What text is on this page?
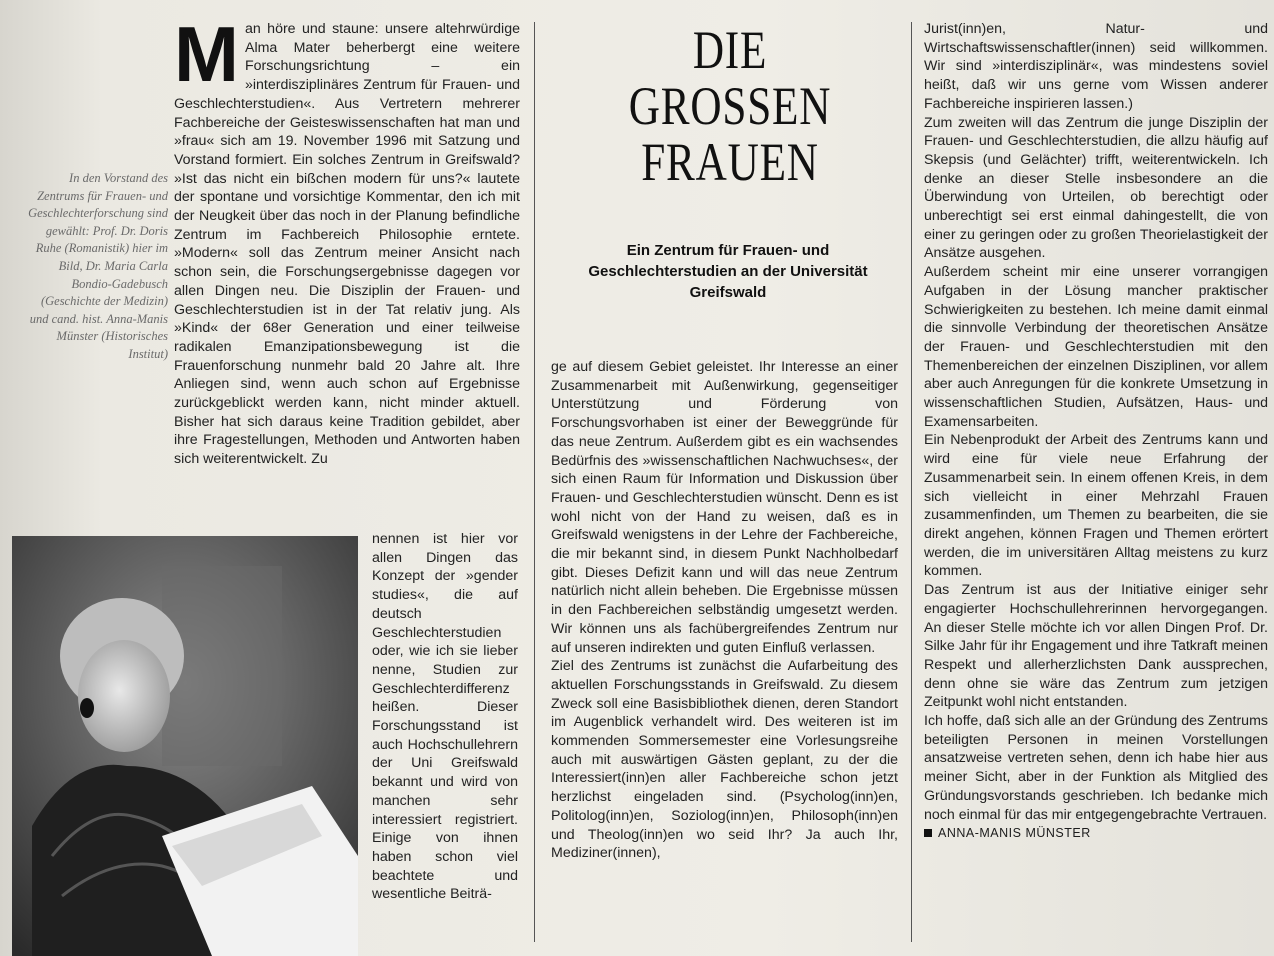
In den Vorstand des Zentrums für Frauen- und Geschlechterforschung sind gewählt: Prof. Dr. Doris Ruhe (Romanistik) hier im Bild, Dr. Maria Carla Bondio-Gadebusch (Geschichte der Medizin) und cand. hist. Anna-Manis Münster (Historisches Institut)

Man höre und staune: unsere altehrwürdige Alma Mater beherbergt eine weitere Forschungsrichtung – ein »interdisziplinäres Zentrum für Frauen- und Geschlechterstudien«. Aus Vertretern mehrerer Fachbereiche der Geisteswissenschaften hat man und »frau« sich am 19. November 1996 mit Satzung und Vorstand formiert. Ein solches Zentrum in Greifswald? »Ist das nicht ein bißchen modern für uns?« lautete der spontane und vorsichtige Kommentar, den ich mit der Neugkeit über das noch in der Planung befindliche Zentrum im Fachbereich Philosophie erntete. »Modern« soll das Zentrum meiner Ansicht nach schon sein, die Forschungsergebnisse dagegen vor allen Dingen neu. Die Disziplin der Frauen- und Geschlechterstudien ist in der Tat relativ jung. Als »Kind« der 68er Generation und einer teilweise radikalen Emanzipationsbewegung ist die Frauenforschung nunmehr bald 20 Jahre alt. Ihre Anliegen sind, wenn auch schon auf Ergebnisse zurückgeblickt werden kann, nicht minder aktuell. Bisher hat sich daraus keine Tradition gebildet, aber ihre Fragestellungen, Methoden und Antworten haben sich weiterentwickelt. Zu

nennen ist hier vor allen Dingen das Konzept der »gender studies«, die auf deutsch Geschlechterstudien oder, wie ich sie lieber nenne, Studien zur Geschlechterdifferenz heißen. Dieser Forschungsstand ist auch Hochschullehrern der Uni Greifswald bekannt und wird von manchen sehr interessiert registriert. Einige von ihnen haben schon viel beachtete und wesentliche Beiträ-

DIE
GROSSEN
FRAUEN
Ein Zentrum für Frauen- und Geschlechterstudien an der Universität Greifswald

ge auf diesem Gebiet geleistet. Ihr Interesse an einer Zusammenarbeit mit Außenwirkung, gegenseitiger Unterstützung und Förderung von Forschungsvorhaben ist einer der Beweggründe für das neue Zentrum. Außerdem gibt es ein wachsendes Bedürfnis des »wissenschaftlichen Nachwuchses«, der sich einen Raum für Information und Diskussion über Frauen- und Geschlechterstudien wünscht. Denn es ist wohl nicht von der Hand zu weisen, daß es in Greifswald wenigstens in der Lehre der Fachbereiche, die mir bekannt sind, in diesem Punkt Nachholbedarf gibt. Dieses Defizit kann und will das neue Zentrum natürlich nicht allein beheben. Die Ergebnisse müssen in den Fachbereichen selbständig umgesetzt werden. Wir können uns als fachübergreifendes Zentrum nur auf unseren indirekten und guten Einfluß verlassen.

Ziel des Zentrums ist zunächst die Aufarbeitung des aktuellen Forschungsstands in Greifswald. Zu diesem Zweck soll eine Basisbibliothek dienen, deren Standort im Augenblick verhandelt wird. Des weiteren ist im kommenden Sommersemester eine Vorlesungsreihe auch mit auswärtigen Gästen geplant, zu der die Interessiert(inn)en aller Fachbereiche schon jetzt herzlichst eingeladen sind. (Psycholog(inn)en, Politolog(inn)en, Soziolog(inn)en, Philosoph(inn)en und Theolog(inn)en wo seid Ihr? Ja auch Ihr, Mediziner(innen),

Jurist(inn)en, Natur- und Wirtschaftswissenschaftler(innen) seid willkommen. Wir sind »interdisziplinär«, was mindestens soviel heißt, daß wir uns gerne vom Wissen anderer Fachbereiche inspirieren lassen.)

Zum zweiten will das Zentrum die junge Disziplin der Frauen- und Geschlechterstudien, die allzu häufig auf Skepsis (und Gelächter) trifft, weiterentwickeln. Ich denke an dieser Stelle insbesondere an die Überwindung von Urteilen, ob berechtigt oder unberechtigt sei erst einmal dahingestellt, die von einer zu geringen oder zu großen Theorielastigkeit der Ansätze ausgehen.

Außerdem scheint mir eine unserer vorrangigen Aufgaben in der Lösung mancher praktischer Schwierigkeiten zu bestehen. Ich meine damit einmal die sinnvolle Verbindung der theoretischen Ansätze der Frauen- und Geschlechterstudien mit den Themenbereichen der einzelnen Disziplinen, vor allem aber auch Anregungen für die konkrete Umsetzung in wissenschaftlichen Studien, Aufsätzen, Haus- und Examensarbeiten.

Ein Nebenprodukt der Arbeit des Zentrums kann und wird eine für viele neue Erfahrung der Zusammenarbeit sein. In einem offenen Kreis, in dem sich vielleicht in einer Mehrzahl Frauen zusammenfinden, um Themen zu bearbeiten, die sie direkt angehen, können Fragen und Themen erörtert werden, die im universitären Alltag meistens zu kurz kommen.

Das Zentrum ist aus der Initiative einiger sehr engagierter Hochschullehrerinnen hervorgegangen. An dieser Stelle möchte ich vor allen Dingen Prof. Dr. Silke Jahr für ihr Engagement und ihre Tatkraft meinen Respekt und allerherzlichsten Dank aussprechen, denn ohne sie wäre das Zentrum zum jetzigen Zeitpunkt wohl nicht entstanden.

Ich hoffe, daß sich alle an der Gründung des Zentrums beteiligten Personen in meinen Vorstellungen ansatzweise vertreten sehen, denn ich habe hier aus meiner Sicht, aber in der Funktion als Mitglied des Gründungsvorstands geschrieben. Ich bedanke mich noch einmal für das mir entgegengebrachte Vertrauen.

ANNA-MANIS MÜNSTER
